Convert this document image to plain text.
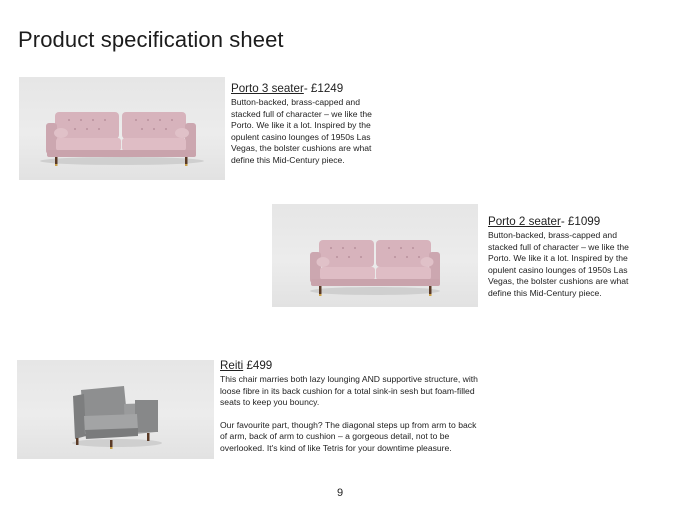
Product specification sheet
Porto 3 seater- £1249

Button-backed, brass-capped and stacked full of character – we like the Porto. We like it a lot. Inspired by the opulent casino lounges of 1950s Las Vegas, the bolster cushions are what define this Mid-Century piece.

Porto 2 seater- £1099

Button-backed, brass-capped and stacked full of character – we like the Porto. We like it a lot. Inspired by the opulent casino lounges of 1950s Las Vegas, the bolster cushions are what define this Mid-Century piece.

Reiti £499

This chair marries both lazy lounging AND supportive structure, with loose fibre in its back cushion for a total sink-in sesh but foam-filled seats to keep you bouncy.

Our favourite part, though? The diagonal steps up from arm to back of arm, back of arm to cushion – a gorgeous detail, not to be overlooked. It's kind of like Tetris for your downtime pleasure.

9
